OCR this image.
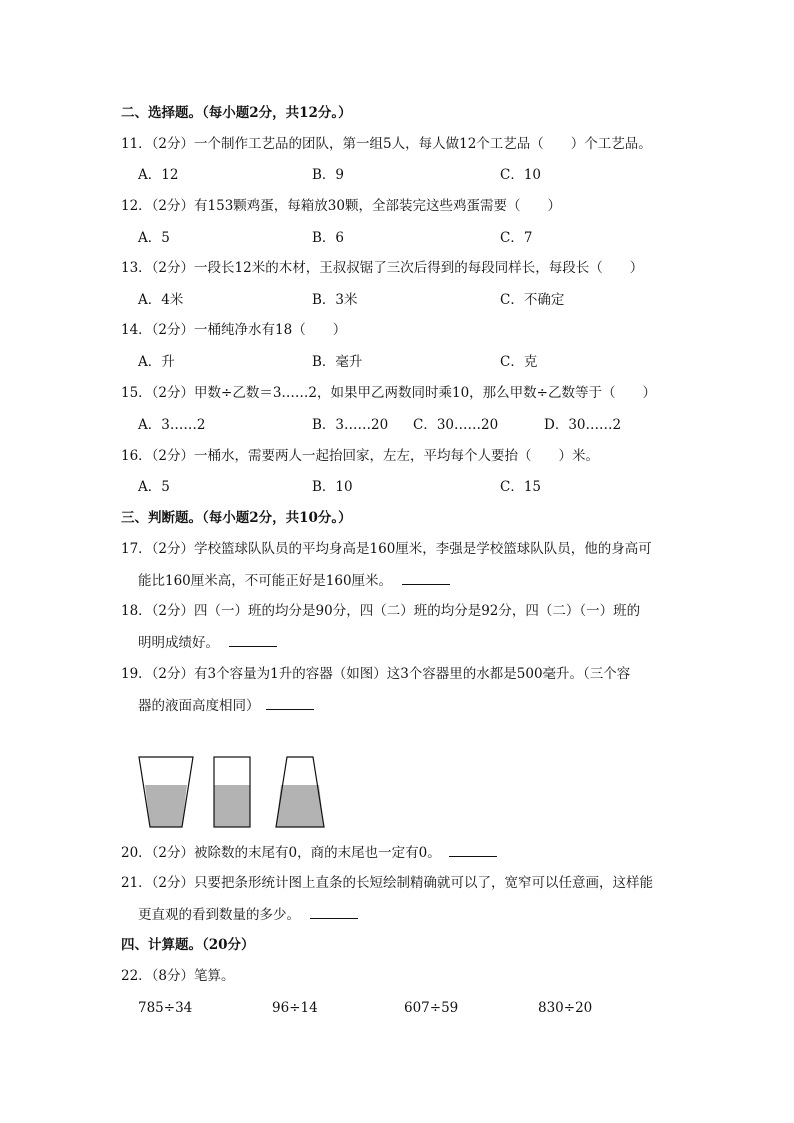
二、选择题。（每小题2分，共12分。）
11．（2分）一个制作工艺品的团队，第一组5人，每人做12个工艺品（　　）个工艺品。
A．12	B．9	C．10
12．（2分）有153颗鸡蛋，每箱放30颗，全部装完这些鸡蛋需要（　　）
A．5	B．6	C．7
13．（2分）一段长12米的木材，王叔叔锯了三次后得到的每段同样长，每段长（　　）
A．4米	B．3米	C．不确定
14．（2分）一桶纯净水有18（　　）
A．升	B．毫升	C．克
15．（2分）甲数÷乙数＝3……2，如果甲乙两数同时乘10，那么甲数÷乙数等于（　　）
A．3……2	B．3……20 C．30……20	D．30……2
16．（2分）一桶水，需要两人一起抬回家，左左，平均每个人要抬（　　）米。
A．5	B．10	C．15
三、判断题。（每小题2分，共10分。）
17．（2分）学校篮球队队员的平均身高是160厘米，李强是学校篮球队队员，他的身高可
能比160厘米高，不可能正好是160厘米。
18．（2分）四（一）班的均分是90分，四（二）班的均分是92分，四（二）（一）班的
明明成绩好。
19．（2分）有3个容量为1升的容器（如图）这3个容器里的水都是500毫升。（三个容
器的液面高度相同）
20．（2分）被除数的末尾有0，商的末尾也一定有0。
21．（2分）只要把条形统计图上直条的长短绘制精确就可以了，宽窄可以任意画，这样能
更直观的看到数量的多少。
四、计算题。（20分）
22．（8分）笔算。
785÷34	96÷14	607÷59	830÷20
